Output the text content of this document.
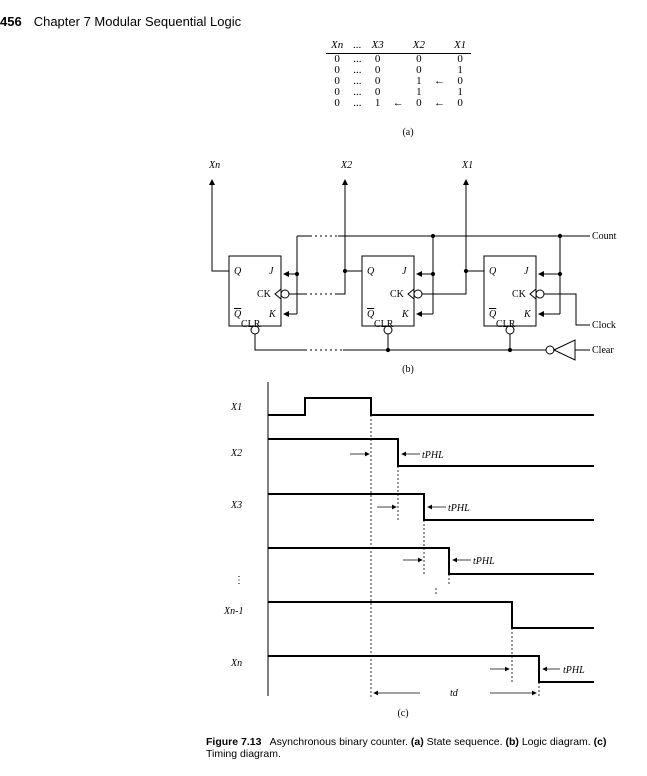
456 Chapter 7 Modular Sequential Logic
Xn	...	X3		X2		X1
0	...	0		0		0
0	...	0		0		1
0	...	0		1	←	0
0	...	0		1		1
0	...	1	←	0	←	0
(a)
Xn	X2	X1
Count
Clock
Clear
Q	J
CK
Q	K
CLR
Q	J
CK
Q	K
CLR
Q	J
CK
Q	K
CLR
(b)
X1
X2
X3
⋮
Xn-1
Xn
tPHL
tPHL
tPHL
tPHL
td
(c)
Figure 7.13 Asynchronous binary counter. (a) State sequence. (b) Logic diagram. (c) Timing diagram.
